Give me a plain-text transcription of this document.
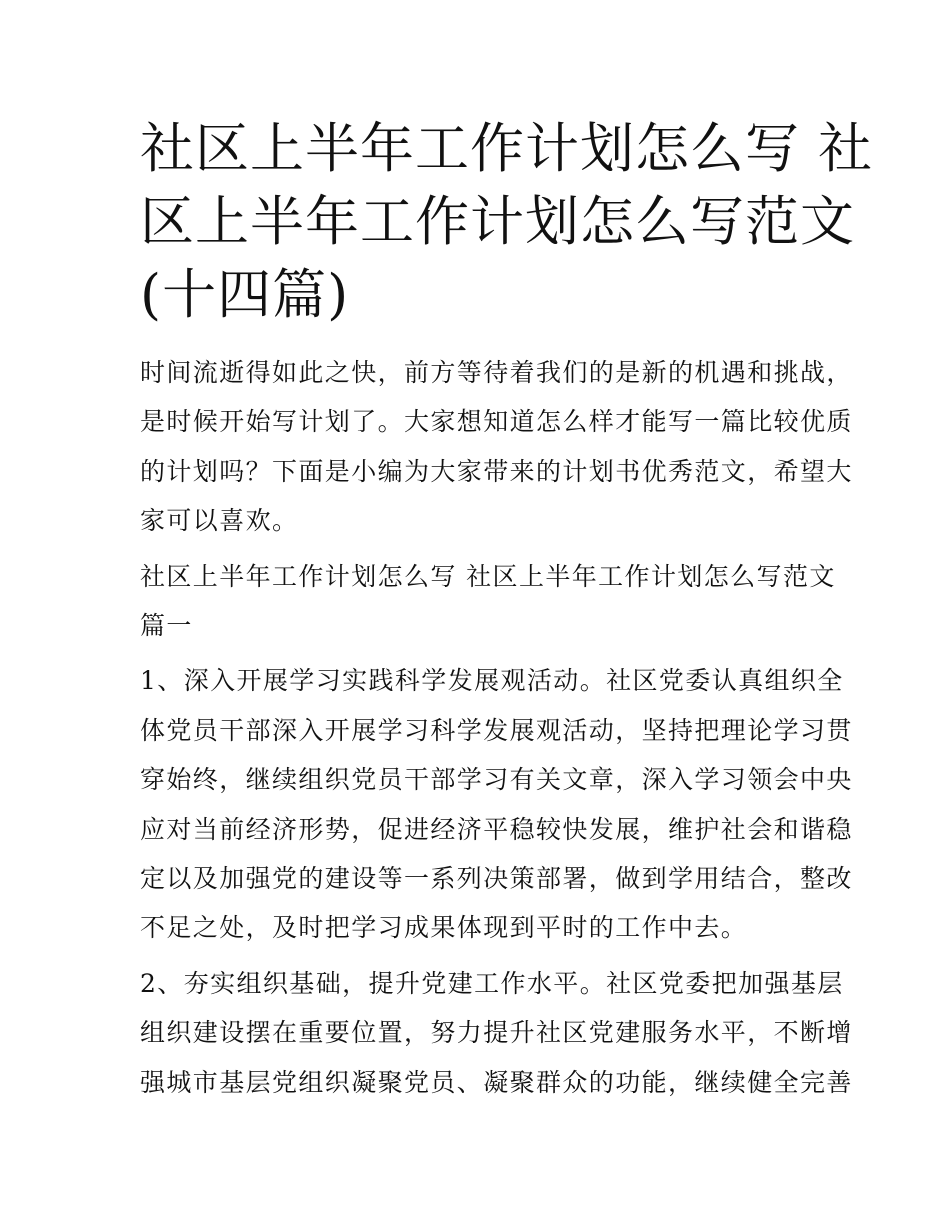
社区上半年工作计划怎么写 社
区上半年工作计划怎么写范文
(十四篇)
时间流逝得如此之快，前方等待着我们的是新的机遇和挑战，
是时候开始写计划了。大家想知道怎么样才能写一篇比较优质
的计划吗？下面是小编为大家带来的计划书优秀范文，希望大
家可以喜欢。
社区上半年工作计划怎么写 社区上半年工作计划怎么写范文
篇一
1、深入开展学习实践科学发展观活动。社区党委认真组织全
体党员干部深入开展学习科学发展观活动，坚持把理论学习贯
穿始终，继续组织党员干部学习有关文章，深入学习领会中央
应对当前经济形势，促进经济平稳较快发展，维护社会和谐稳
定以及加强党的建设等一系列决策部署，做到学用结合，整改
不足之处，及时把学习成果体现到平时的工作中去。
2、夯实组织基础，提升党建工作水平。社区党委把加强基层
组织建设摆在重要位置，努力提升社区党建服务水平，不断增
强城市基层党组织凝聚党员、凝聚群众的功能，继续健全完善
